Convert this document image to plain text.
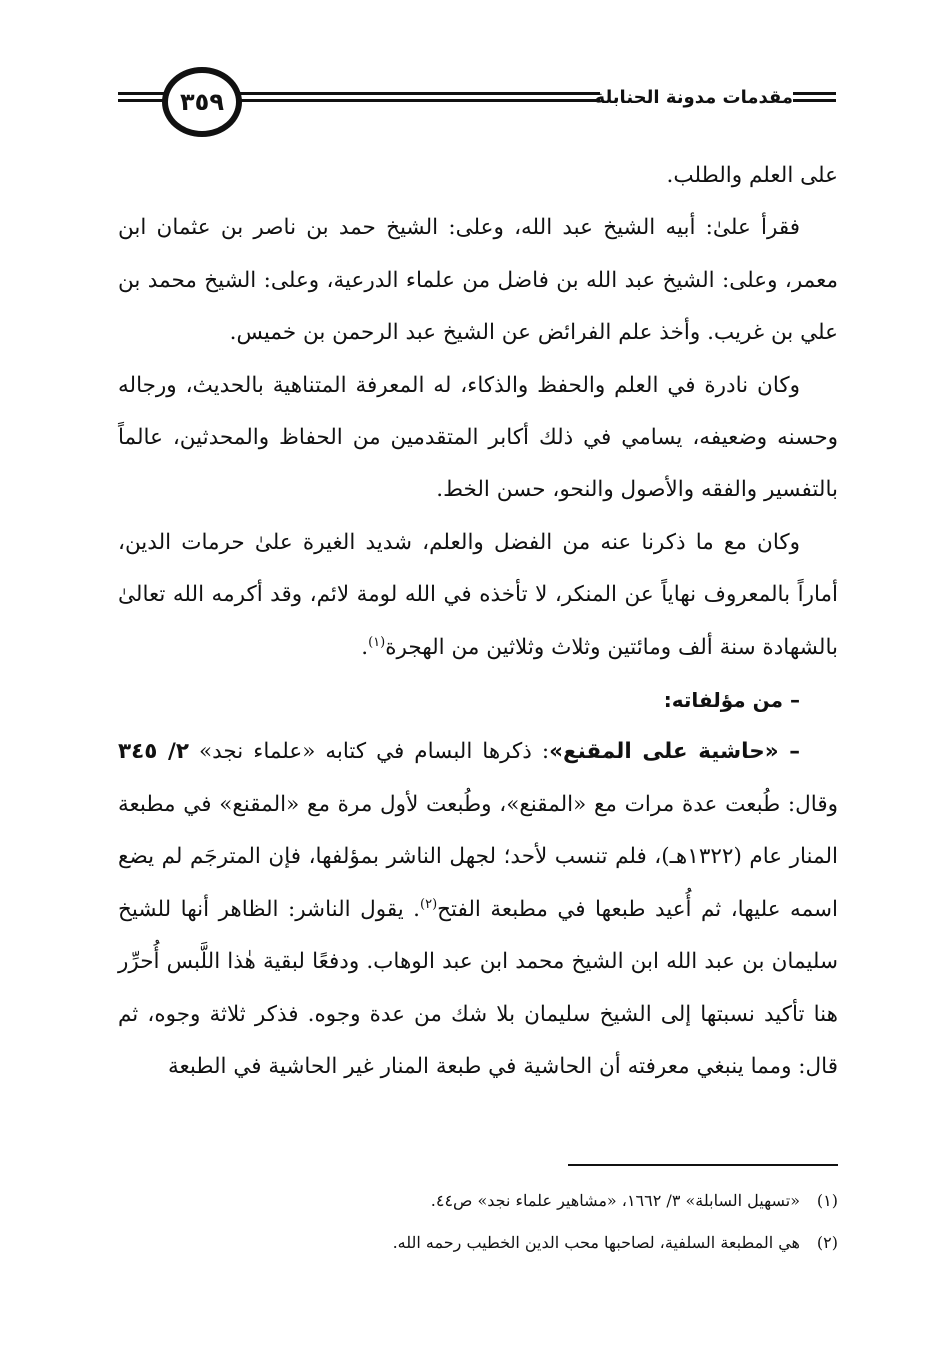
٣٥٩	مقدمات مدونة الحنابلة

على العلم والطلب.

فقرأ علىٰ: أبيه الشيخ عبد الله، وعلى: الشيخ حمد بن ناصر بن عثمان ابن معمر، وعلى: الشيخ عبد الله بن فاضل من علماء الدرعية، وعلى: الشيخ محمد بن علي بن غريب. وأخذ علم الفرائض عن الشيخ عبد الرحمن بن خميس.

وكان نادرة في العلم والحفظ والذكاء، له المعرفة المتناهية بالحديث، ورجاله وحسنه وضعيفه، يسامي في ذلك أكابر المتقدمين من الحفاظ والمحدثين، عالماً بالتفسير والفقه والأصول والنحو، حسن الخط.

وكان مع ما ذكرنا عنه من الفضل والعلم، شديد الغيرة علىٰ حرمات الدين، أماراً بالمعروف نهاياً عن المنكر، لا تأخذه في الله لومة لائم، وقد أكرمه الله تعالىٰ بالشهادة سنة ألف ومائتين وثلاث وثلاثين من الهجرة$^{(١)}$.

– من مؤلفاته:

– «حاشية على المقنع»: ذكرها البسام في كتابه «علماء نجد» ٢/ ٣٤٥ وقال: طُبعت عدة مرات مع «المقنع»، وطُبعت لأول مرة مع «المقنع» في مطبعة المنار عام (١٣٢٢هـ)، فلم تنسب لأحد؛ لجهل الناشر بمؤلفها، فإن المترجَم لم يضع اسمه عليها، ثم أُعيد طبعها في مطبعة الفتح$^{(٢)}$. يقول الناشر: الظاهر أنها للشيخ سليمان بن عبد الله ابن الشيخ محمد ابن عبد الوهاب. ودفعًا لبقية هٰذا اللَّبس أُحرِّر هنا تأكيد نسبتها إلى الشيخ سليمان بلا شك من عدة وجوه. فذكر ثلاثة وجوه، ثم قال: ومما ينبغي معرفته أن الحاشية في طبعة المنار غير الحاشية في الطبعة

(١)«تسهيل السابلة» ٣/ ١٦٦٢، «مشاهير علماء نجد» ص٤٤.

(٢)هي المطبعة السلفية، لصاحبها محب الدين الخطيب رحمه الله.
